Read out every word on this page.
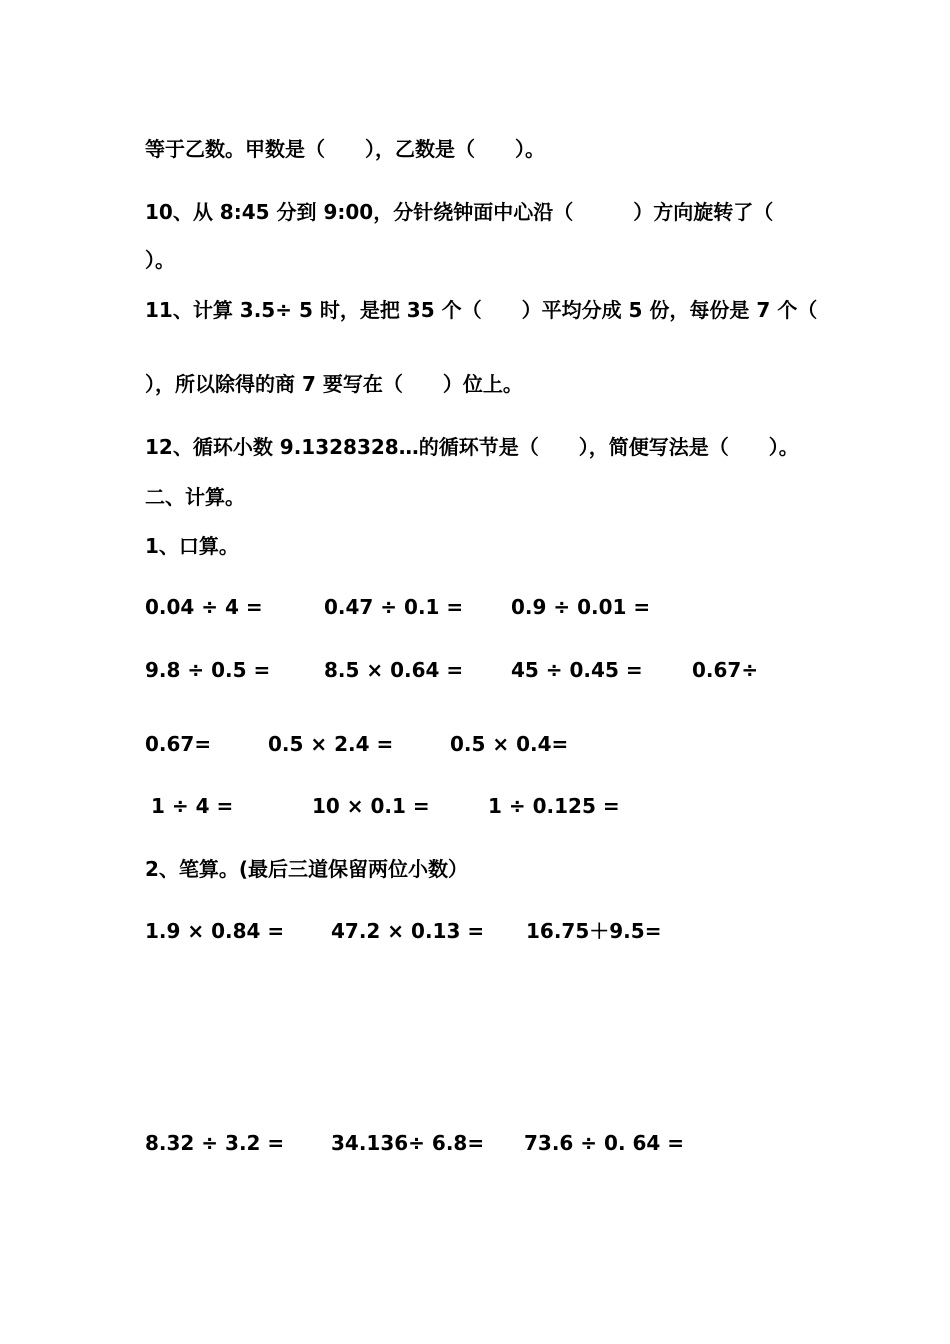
等于乙数。甲数是（　　），乙数是（　　）。
10、从 8:45 分到 9:00，分针绕钟面中心沿（　　　）方向旋转了（
）。
11、计算 3.5÷ 5 时，是把 35 个（　　）平均分成 5 份，每份是 7 个（
），所以除得的商 7 要写在（　　）位上。
12、循环小数 9.1328328…的循环节是（　　），简便写法是（　　）。
二、计算。
1、口算。
0.04 ÷ 4 =	0.47 ÷ 0.1 = 0.9 ÷ 0.01 =
9.8 ÷ 0.5 =	8.5 × 0.64 = 45 ÷ 0.45 = 0.67÷
0.67=	0.5 × 2.4 =	0.5 × 0.4=
1 ÷ 4 =	10 × 0.1 =	1 ÷ 0.125 =
2、笔算。(最后三道保留两位小数）
1.9 × 0.84 = 47.2 × 0.13 = 16.75＋9.5=
8.32 ÷ 3.2 = 34.136÷ 6.8= 73.6 ÷ 0. 64 =
